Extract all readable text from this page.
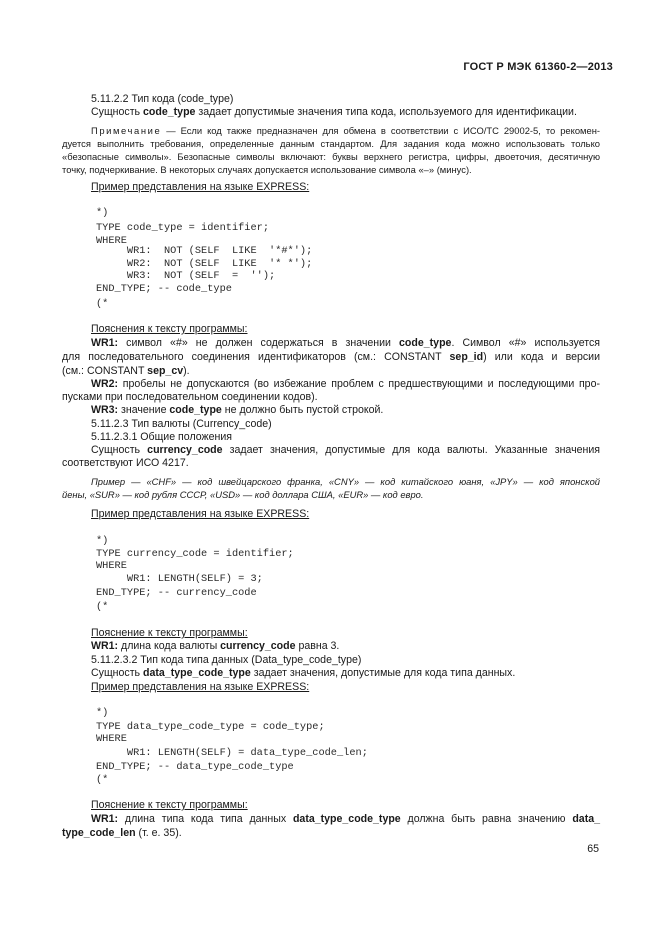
ГОСТ Р МЭК 61360-2—2013
5.11.2.2 Тип кода (code_type)
Сущность code_type задает допустимые значения типа кода, используемого для идентификации.
Примечание — Если код также предназначен для обмена в соответствии с ИСО/ТС 29002-5, то рекомен-
дуется выполнить требования, определенные данным стандартом. Для задания кода можно использовать только
«безопасные символы». Безопасные символы включают: буквы верхнего регистра, цифры, двоеточия, десятичную
точку, подчеркивание. В некоторых случаях допускается использование символа «–» (минус).
Пример представления на языке EXPRESS:
*)
TYPE code_type = identifier;
WHERE
WR1:  NOT (SELF  LIKE  '*#*');
WR2:  NOT (SELF  LIKE  '* *');
WR3:  NOT (SELF  =  '');
END_TYPE; -- code_type
(*
Пояснения к тексту программы:
WR1: символ «#» не должен содержаться в значении code_type. Символ «#» используется
для последовательного соединения идентификаторов (см.: CONSTANT sep_id) или кода и версии
(см.: CONSTANT sep_cv).
WR2: пробелы не допускаются (во избежание проблем с предшествующими и последующими про-
пусками при последовательном соединении кодов).
WR3: значение code_type не должно быть пустой строкой.
5.11.2.3 Тип валюты (Currency_code)
5.11.2.3.1 Общие положения
Сущность currency_code задает значения, допустимые для кода валюты. Указанные значения
соответствуют ИСО 4217.
Пример — «CHF» — код швейцарского франка, «CNY» — код китайского юаня, «JPY» — код японской
йены, «SUR» — код рубля СССР, «USD» — код доллара США, «EUR» — код евро.
Пример представления на языке EXPRESS:
*)
TYPE currency_code = identifier;
WHERE
WR1: LENGTH(SELF) = 3;
END_TYPE; -- currency_code
(*
Пояснение к тексту программы:
WR1: длина кода валюты currency_code равна 3.
5.11.2.3.2 Тип кода типа данных (Data_type_code_type)
Сущность data_type_code_type задает значения, допустимые для кода типа данных.
Пример представления на языке EXPRESS:
*)
TYPE data_type_code_type = code_type;
WHERE
WR1: LENGTH(SELF) = data_type_code_len;
END_TYPE; -- data_type_code_type
(*
Пояснение к тексту программы:
WR1: длина типа кода типа данных data_type_code_type должна быть равна значению data_
type_code_len (т. е. 35).
65
